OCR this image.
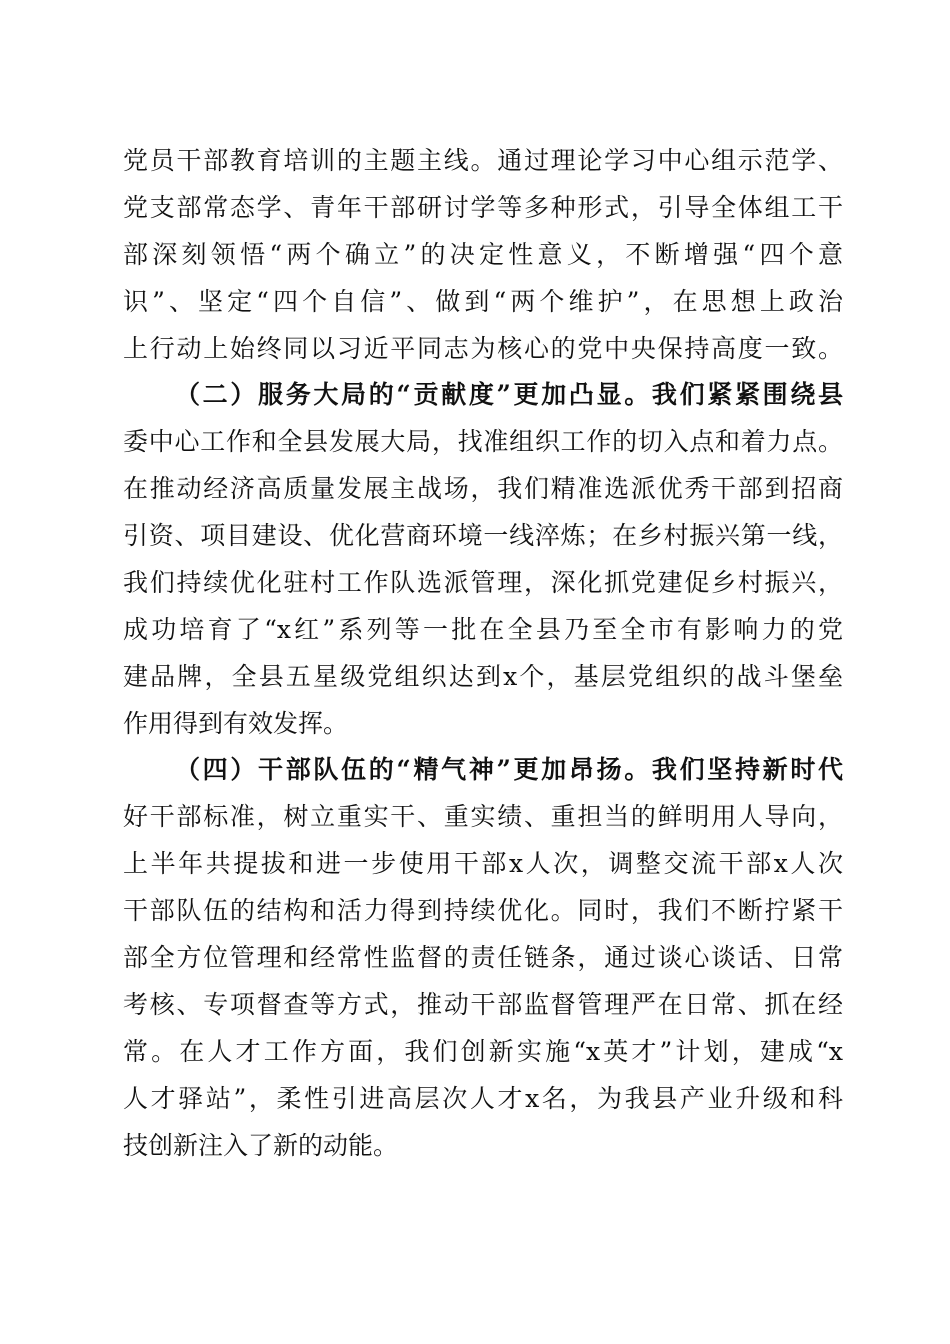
党员干部教育培训的主题主线。通过理论学习中心组示范学、
党支部常态学、青年干部研讨学等多种形式，引导全体组工干
部深刻领悟“两个确立”的决定性意义，不断增强“四个意
识”、坚定“四个自信”、做到“两个维护”，在思想上政治
上行动上始终同以习近平同志为核心的党中央保持高度一致。
（二）服务大局的“贡献度”更加凸显。我们紧紧围绕县
委中心工作和全县发展大局，找准组织工作的切入点和着力点。
在推动经济高质量发展主战场，我们精准选派优秀干部到招商
引资、项目建设、优化营商环境一线淬炼；在乡村振兴第一线，
我们持续优化驻村工作队选派管理，深化抓党建促乡村振兴，
成功培育了“x红”系列等一批在全县乃至全市有影响力的党
建品牌，全县五星级党组织达到x个，基层党组织的战斗堡垒
作用得到有效发挥。
（四）干部队伍的“精气神”更加昂扬。我们坚持新时代
好干部标准，树立重实干、重实绩、重担当的鲜明用人导向，
上半年共提拔和进一步使用干部x人次，调整交流干部x人次
干部队伍的结构和活力得到持续优化。同时，我们不断拧紧干
部全方位管理和经常性监督的责任链条，通过谈心谈话、日常
考核、专项督查等方式，推动干部监督管理严在日常、抓在经
常。在人才工作方面，我们创新实施“x英才”计划，建成“x
人才驿站”，柔性引进高层次人才x名，为我县产业升级和科
技创新注入了新的动能。
